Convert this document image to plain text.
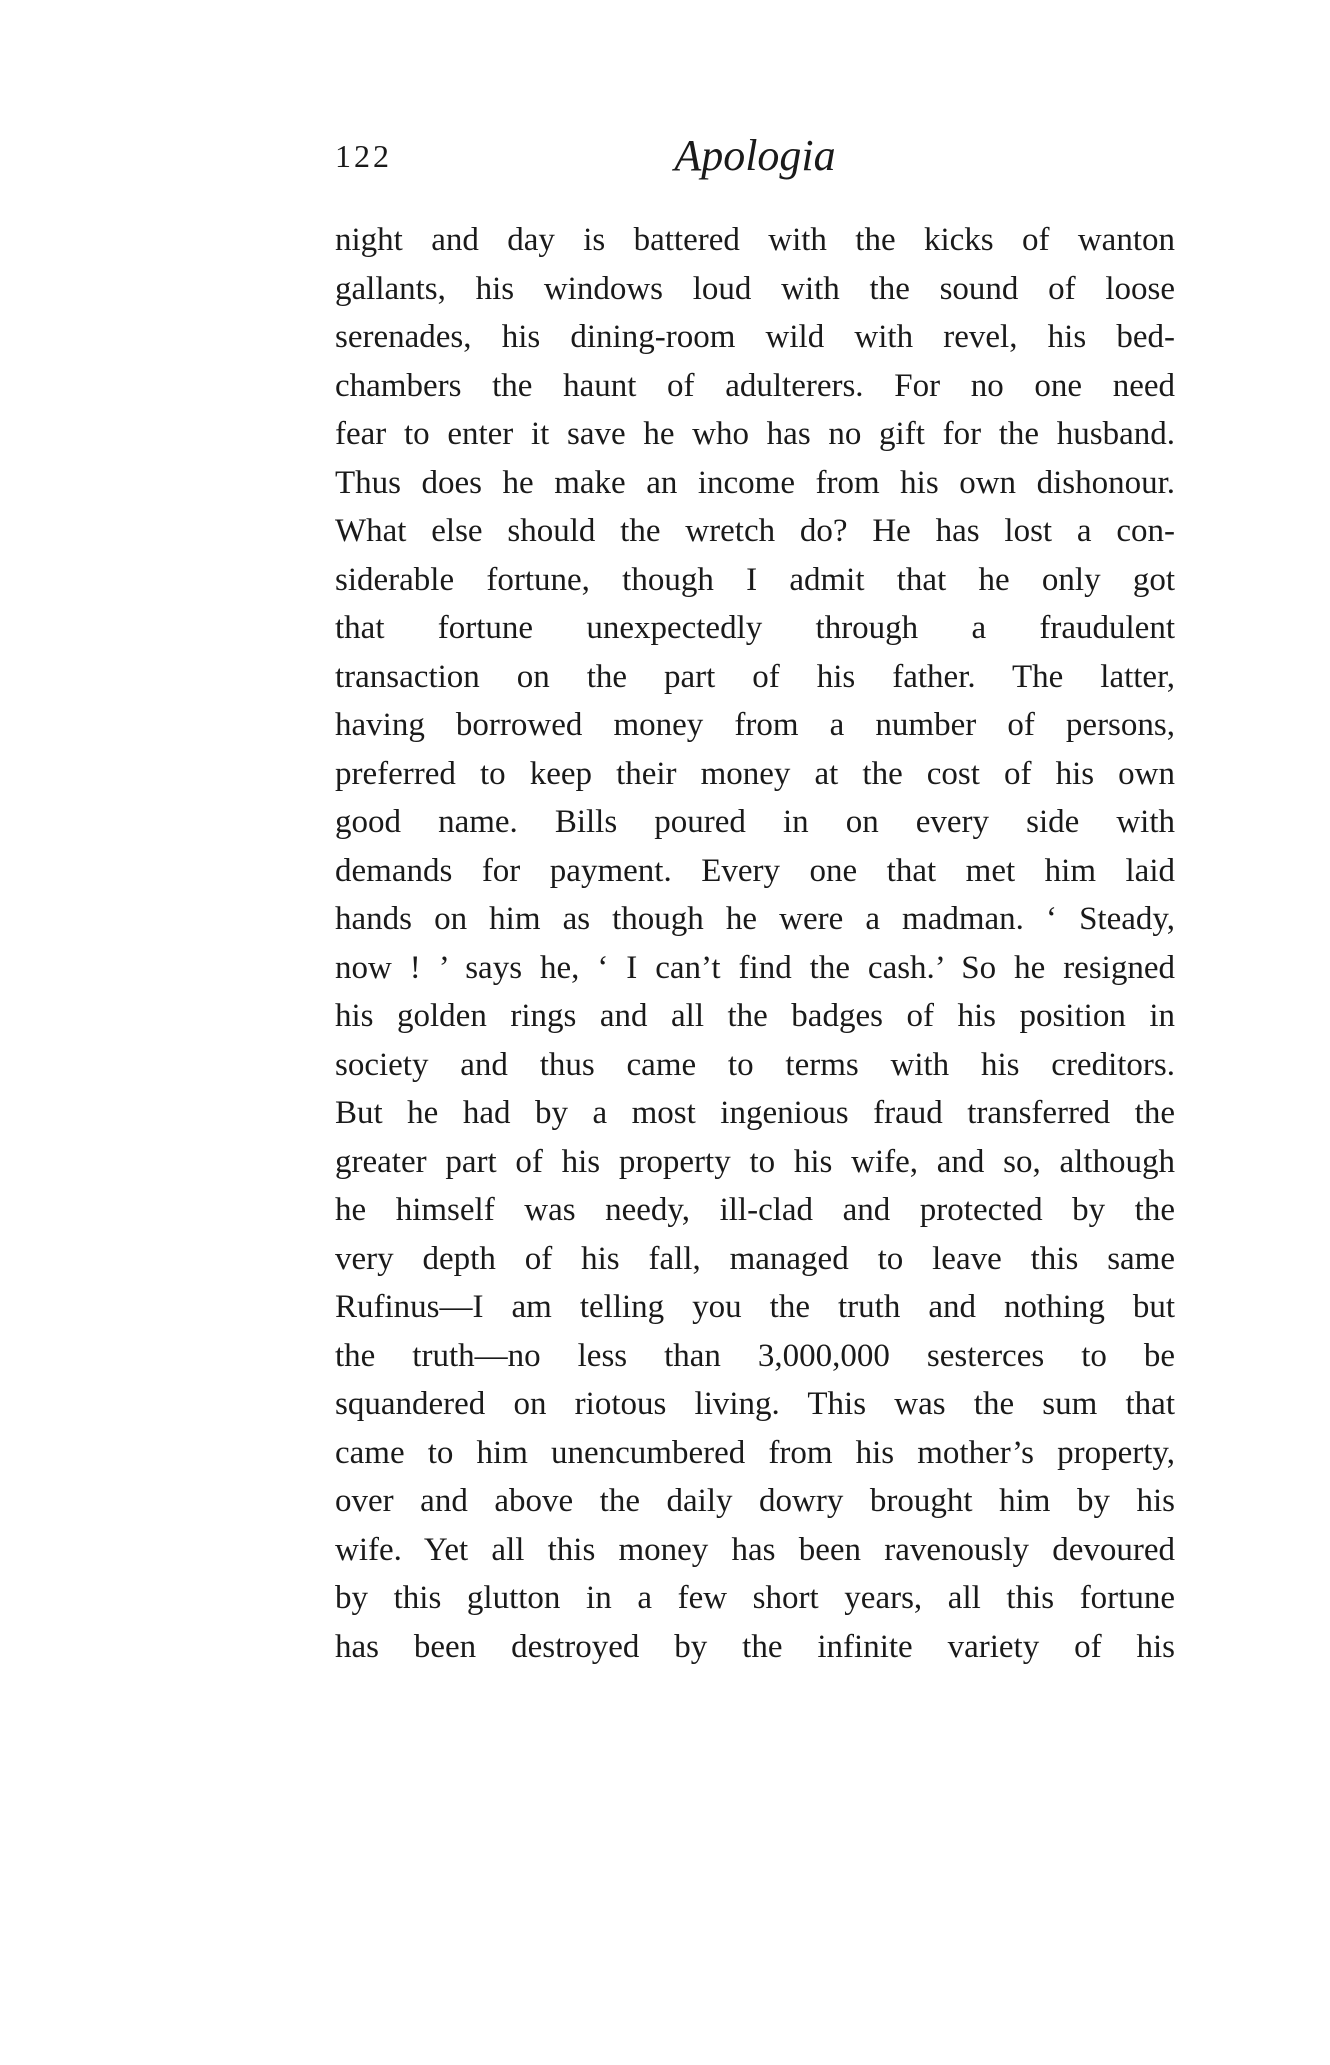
122	Apologia
night and day is battered with the kicks of wanton
gallants, his windows loud with the sound of loose
serenades, his dining-room wild with revel, his bed-
chambers the haunt of adulterers. For no one need
fear to enter it save he who has no gift for the husband.
Thus does he make an income from his own dishonour.
What else should the wretch do? He has lost a con-
siderable fortune, though I admit that he only got
that fortune unexpectedly through a fraudulent
transaction on the part of his father. The latter,
having borrowed money from a number of persons,
preferred to keep their money at the cost of his own
good name. Bills poured in on every side with
demands for payment. Every one that met him laid
hands on him as though he were a madman. ‘ Steady,
now ! ’ says he, ‘ I can’t find the cash.’ So he resigned
his golden rings and all the badges of his position in
society and thus came to terms with his creditors.
But he had by a most ingenious fraud transferred the
greater part of his property to his wife, and so, although
he himself was needy, ill-clad and protected by the
very depth of his fall, managed to leave this same
Rufinus—I am telling you the truth and nothing but
the truth—no less than 3,000,000 sesterces to be
squandered on riotous living. This was the sum that
came to him unencumbered from his mother’s property,
over and above the daily dowry brought him by his
wife. Yet all this money has been ravenously devoured
by this glutton in a few short years, all this fortune
has been destroyed by the infinite variety of his
